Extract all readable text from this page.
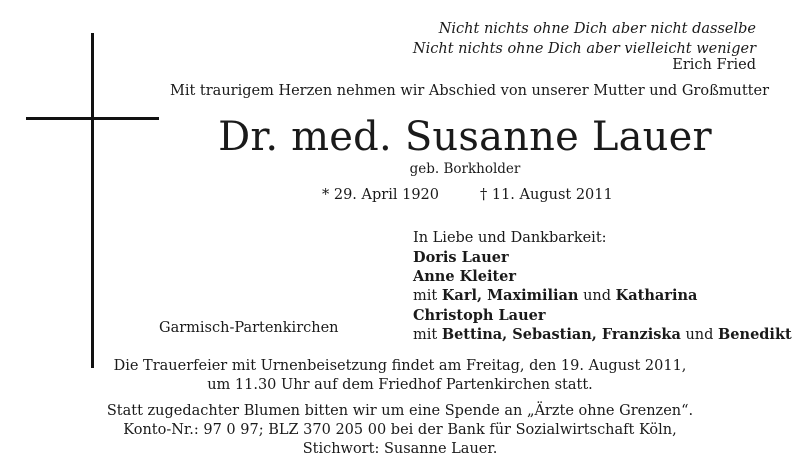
Nicht nichts ohne Dich aber nicht dasselbe
Nicht nichts ohne Dich aber vielleicht weniger
Erich Fried
Mit traurigem Herzen nehmen wir Abschied von unserer Mutter und Großmutter
Dr. med. Susanne Lauer
geb. Borkholder
* 29. April 1920	† 11. August 2011
In Liebe und Dankbarkeit:
Doris Lauer
Anne Kleiter
mit Karl, Maximilian und Katharina
Christoph Lauer
mit Bettina, Sebastian, Franziska und Benedikt
Garmisch-Partenkirchen
Die Trauerfeier mit Urnenbeisetzung findet am Freitag, den 19. August 2011,
um 11.30 Uhr auf dem Friedhof Partenkirchen statt.
Statt zugedachter Blumen bitten wir um eine Spende an „Ärzte ohne Grenzen“.
Konto-Nr.: 97 0 97; BLZ 370 205 00 bei der Bank für Sozialwirtschaft Köln,
Stichwort: Susanne Lauer.
